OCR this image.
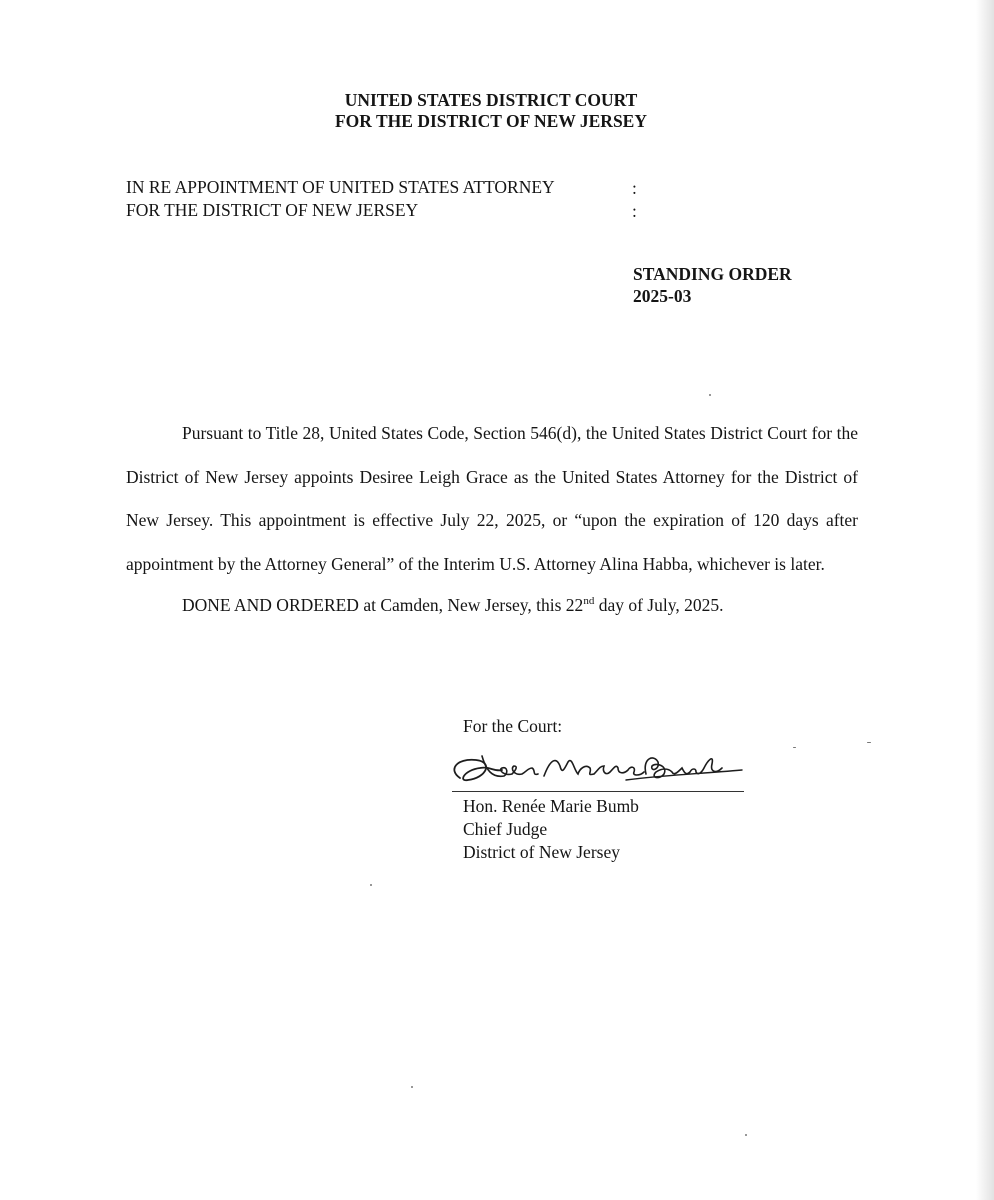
UNITED STATES DISTRICT COURT
FOR THE DISTRICT OF NEW JERSEY
IN RE APPOINTMENT OF UNITED STATES ATTORNEY
FOR THE DISTRICT OF NEW JERSEY
:
:
STANDING ORDER
2025-03

Pursuant to Title 28, United States Code, Section 546(d), the United States District Court for the District of New Jersey appoints Desiree Leigh Grace as the United States Attorney for the District of New Jersey. This appointment is effective July 22, 2025, or “upon the expiration of 120 days after appointment by the Attorney General” of the Interim U.S. Attorney Alina Habba, whichever is later.

DONE AND ORDERED at Camden, New Jersey, this 22nd day of July, 2025.

For the Court:
Hon. Renée Marie Bumb
Chief Judge
District of New Jersey
